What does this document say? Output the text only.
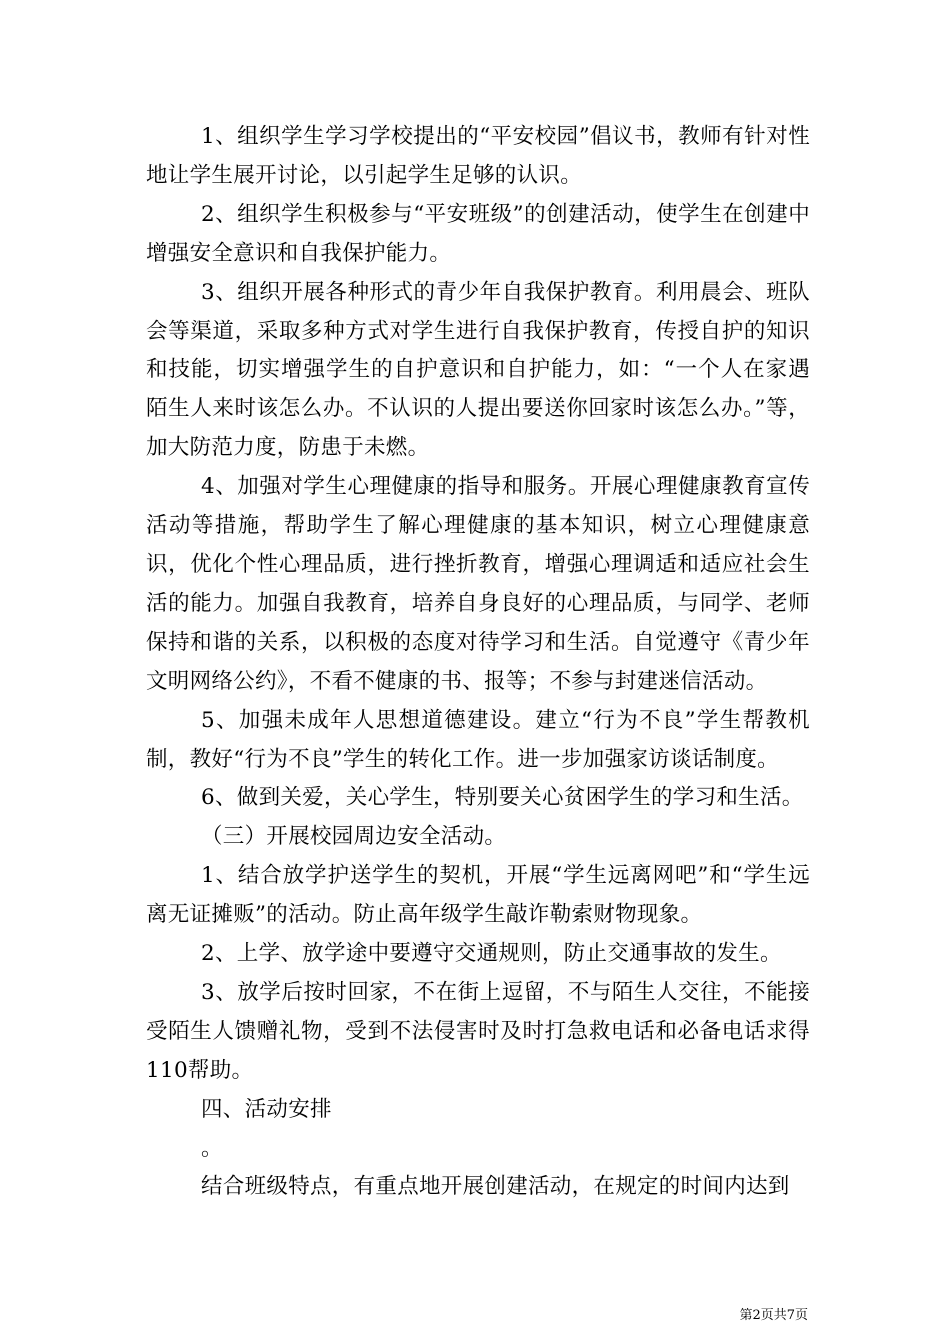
1、组织学生学习学校提出的“平安校园”倡议书，教师有针对性地让学生展开讨论，以引起学生足够的认识。

2、组织学生积极参与“平安班级”的创建活动，使学生在创建中增强安全意识和自我保护能力。

3、组织开展各种形式的青少年自我保护教育。利用晨会、班队会等渠道，采取多种方式对学生进行自我保护教育，传授自护的知识和技能，切实增强学生的自护意识和自护能力，如：“一个人在家遇陌生人来时该怎么办。不认识的人提出要送你回家时该怎么办。”等，加大防范力度，防患于未燃。

4、加强对学生心理健康的指导和服务。开展心理健康教育宣传活动等措施，帮助学生了解心理健康的基本知识，树立心理健康意识，优化个性心理品质，进行挫折教育，增强心理调适和适应社会生活的能力。加强自我教育，培养自身良好的心理品质，与同学、老师保持和谐的关系，以积极的态度对待学习和生活。自觉遵守《青少年文明网络公约》，不看不健康的书、报等；不参与封建迷信活动。

5、加强未成年人思想道德建设。建立“行为不良”学生帮教机制，教好“行为不良”学生的转化工作。进一步加强家访谈话制度。

6、做到关爱，关心学生，特别要关心贫困学生的学习和生活。

（三）开展校园周边安全活动。

1、结合放学护送学生的契机，开展“学生远离网吧”和“学生远离无证摊贩”的活动。防止高年级学生敲诈勒索财物现象。

2、上学、放学途中要遵守交通规则，防止交通事故的发生。

3、放学后按时回家，不在街上逗留，不与陌生人交往，不能接受陌生人馈赠礼物，受到不法侵害时及时打急救电话和必备电话求得110帮助。

四、活动安排

。

结合班级特点，有重点地开展创建活动，在规定的时间内达到

第2页共7页
